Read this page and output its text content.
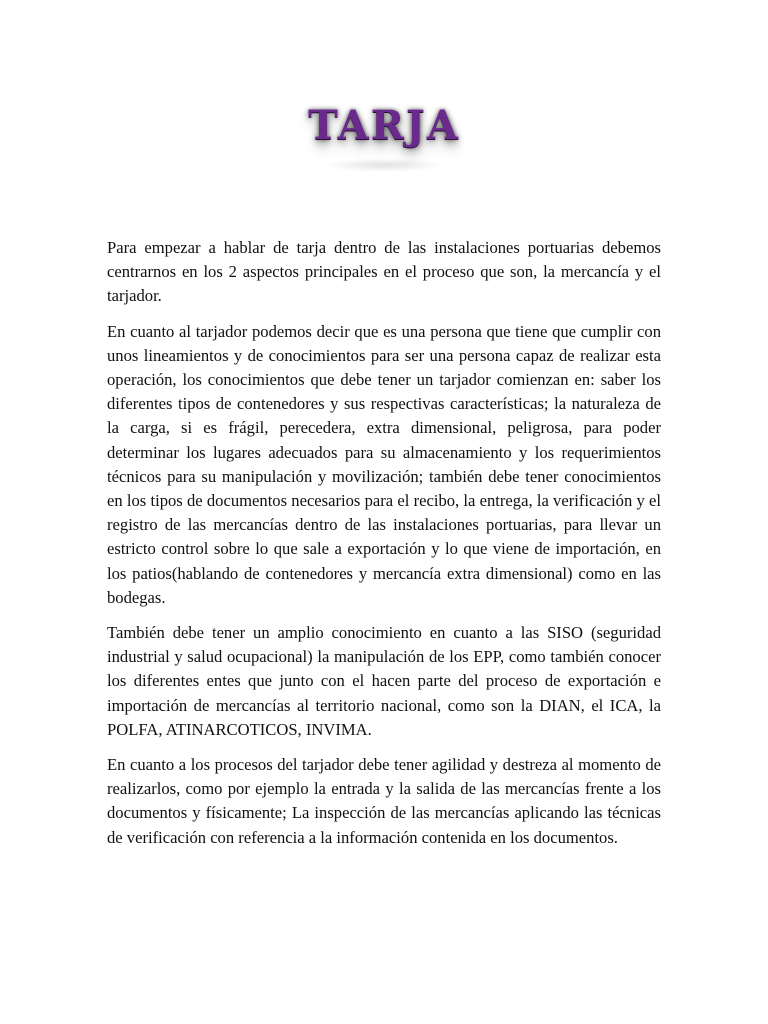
TARJA

Para empezar a hablar de tarja dentro de las instalaciones portuarias debemos centrarnos en los 2 aspectos principales en el proceso que son, la mercancía y el tarjador.

En cuanto al tarjador podemos decir que es una persona que tiene que cumplir con unos lineamientos y de conocimientos para ser una persona capaz de realizar esta operación, los conocimientos que debe tener un tarjador comienzan en: saber los diferentes tipos de contenedores y sus respectivas características; la naturaleza de la carga, si es frágil, perecedera, extra dimensional, peligrosa, para poder determinar los lugares adecuados para su almacenamiento y los requerimientos técnicos para su manipulación y movilización; también debe tener conocimientos en los tipos de documentos necesarios para el recibo, la entrega, la verificación y el registro de las mercancías dentro de las instalaciones portuarias, para llevar un estricto control sobre lo que sale a exportación y lo que viene de importación, en los patios(hablando de contenedores y mercancía extra dimensional) como en las bodegas.

También debe tener un amplio conocimiento en cuanto a las SISO (seguridad industrial y salud ocupacional) la manipulación de los EPP, como también conocer los diferentes entes que junto con el hacen parte del proceso de exportación e importación de mercancías al territorio nacional, como son la DIAN, el ICA, la POLFA, ATINARCOTICOS, INVIMA.

En cuanto a los procesos del tarjador debe tener agilidad y destreza al momento de realizarlos, como por ejemplo la entrada y la salida de las mercancías frente a los documentos y físicamente; La inspección de las mercancías aplicando las técnicas de verificación con referencia a la información contenida en los documentos.
